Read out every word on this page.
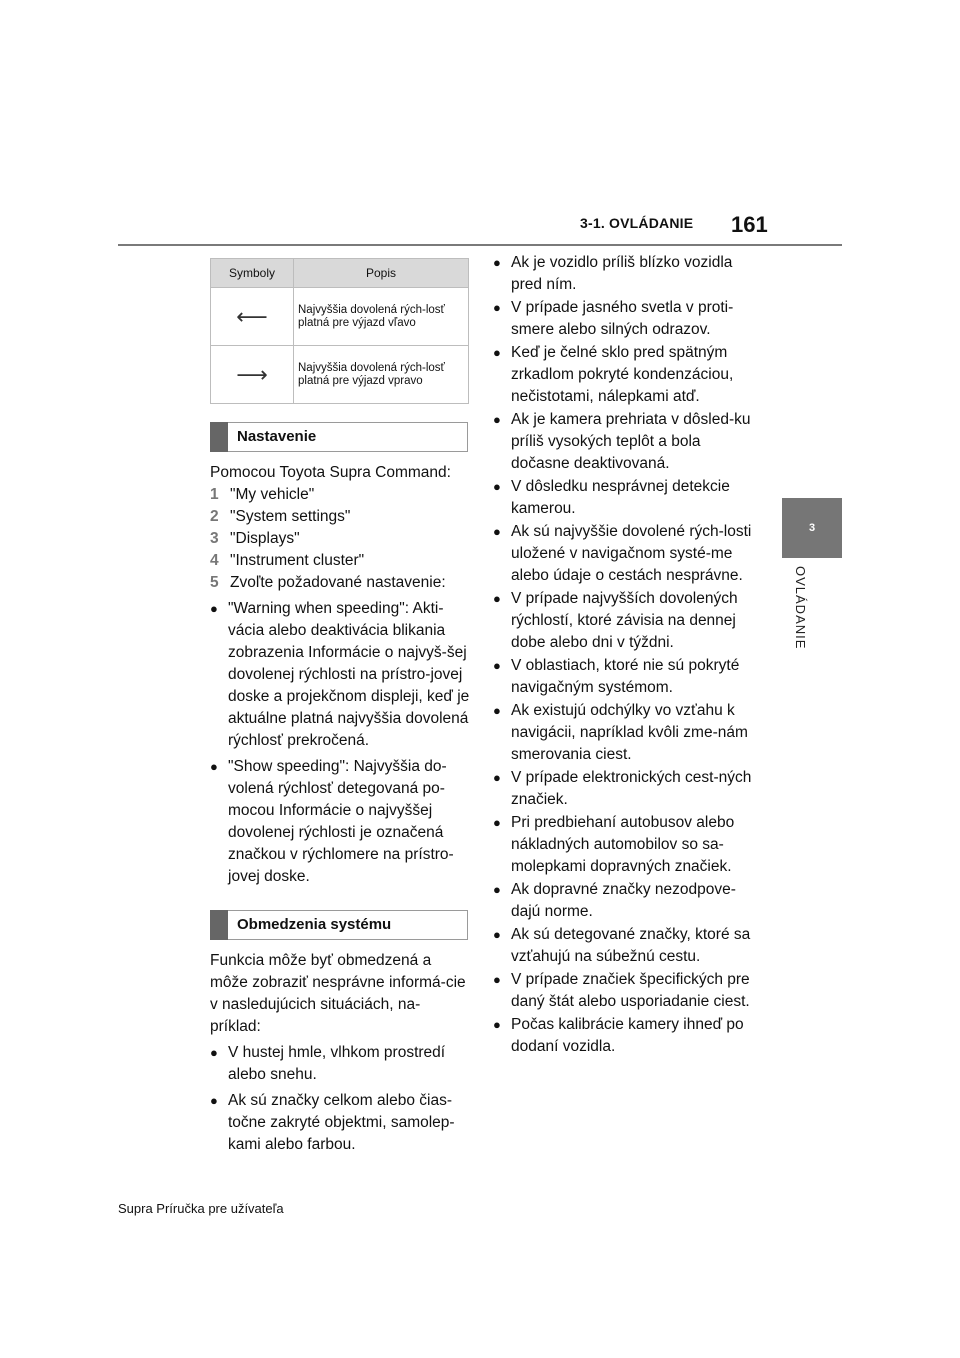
3-1. OVLÁDANIE 161
3
OVLÁDANIE
Symboly	Popis
⟵	Najvyššia dovolená rých-losť platná pre výjazd vľavo
⟶	Najvyššia dovolená rých-losť platná pre výjazd vpravo
Nastavenie

Pomocou Toyota Supra Command:

1 "My vehicle"
2 "System settings"
3 "Displays"
4 "Instrument cluster"
5 Zvoľte požadované nastavenie:
● "Warning when speeding": Akti-vácia alebo deaktivácia blikania zobrazenia Informácie o najvyš-šej dovolenej rýchlosti na prístro-jovej doske a projekčnom displeji, keď je aktuálne platná najvyššia dovolená rýchlosť prekročená.
● "Show speeding": Najvyššia do-volená rýchlosť detegovaná po-mocou Informácie o najvyššej dovolenej rýchlosti je označená značkou v rýchlomere na prístro-jovej doske.
Obmedzenia systému

Funkcia môže byť obmedzená a môže zobraziť nesprávne informá-cie v nasledujúcich situáciách, na-príklad:

● V hustej hmle, vlhkom prostredí alebo snehu.
● Ak sú značky celkom alebo čias-točne zakryté objektmi, samolep-kami alebo farbou.
● Ak je vozidlo príliš blízko vozidla pred ním.
● V prípade jasného svetla v proti-smere alebo silných odrazov.
● Keď je čelné sklo pred spätným zrkadlom pokryté kondenzáciou, nečistotami, nálepkami atď.
● Ak je kamera prehriata v dôsled-ku príliš vysokých teplôt a bola dočasne deaktivovaná.
● V dôsledku nesprávnej detekcie kamerou.
● Ak sú najvyššie dovolené rých-losti uložené v navigačnom systé-me alebo údaje o cestách nesprávne.
● V prípade najvyšších dovolených rýchlostí, ktoré závisia na dennej dobe alebo dni v týždni.
● V oblastiach, ktoré nie sú pokryté navigačným systémom.
● Ak existujú odchýlky vo vzťahu k navigácii, napríklad kvôli zme-nám smerovania ciest.
● V prípade elektronických cest-ných značiek.
● Pri predbiehaní autobusov alebo nákladných automobilov so sa-molepkami dopravných značiek.
● Ak dopravné značky nezodpove-dajú norme.
● Ak sú detegované značky, ktoré sa vzťahujú na súbežnú cestu.
● V prípade značiek špecifických pre daný štát alebo usporiadanie ciest.
● Počas kalibrácie kamery ihneď po dodaní vozidla.
Supra Príručka pre užívateľa
